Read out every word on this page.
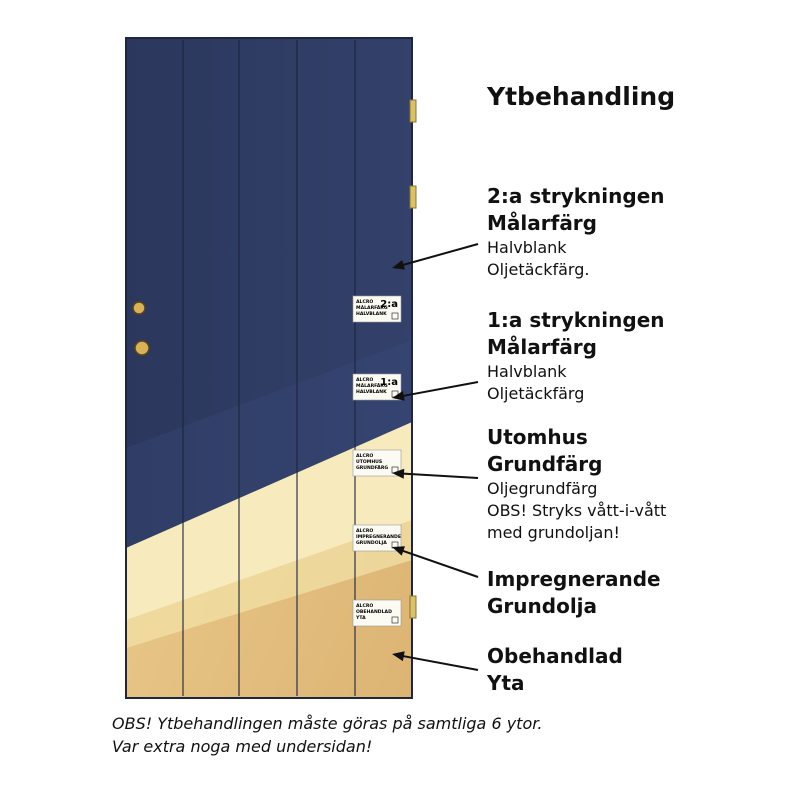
ALCRO
MÅLARFÄRG
HALVBLANK
2:a
ALCRO
MÅLARFÄRG
HALVBLANK
1:a
ALCRO
UTOMHUS
GRUNDFÄRG
ALCRO
IMPREGNERANDE
GRUNDOLJA
ALCRO
OBEHANDLAD
YTA
Ytbehandling
2:a strykningen
Målarfärg
Halvblank
Oljetäckfärg.
1:a strykningen
Målarfärg
Halvblank
Oljetäckfärg
Utomhus
Grundfärg
Oljegrundfärg
OBS! Stryks vått-i-vått
med grundoljan!
Impregnerande
Grundolja
Obehandlad
Yta
OBS! Ytbehandlingen måste göras på samtliga 6 ytor.
Var extra noga med undersidan!
